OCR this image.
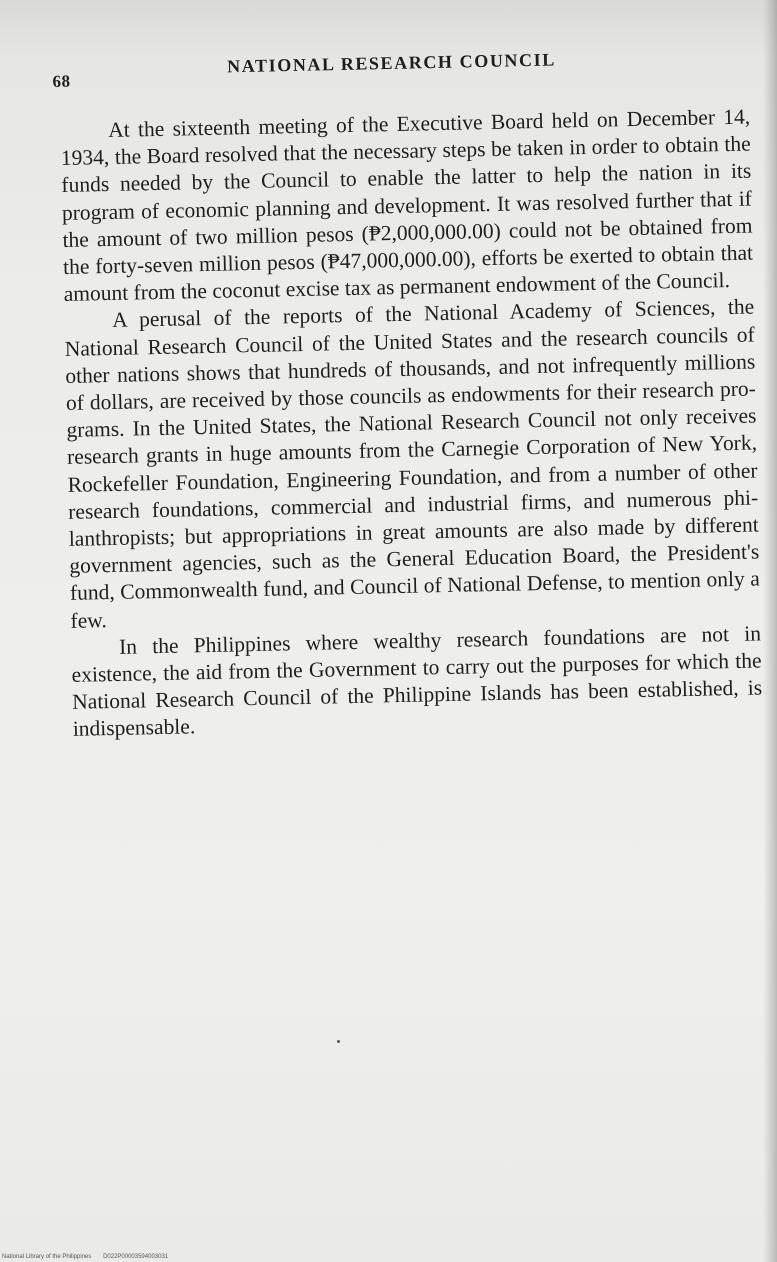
68
NATIONAL RESEARCH COUNCIL

At the sixteenth meeting of the Executive Board held on December 14, 1934, the Board resolved that the necessary steps be taken in order to obtain the funds needed by the Council to enable the latter to help the nation in its program of economic planning and development. It was resolved further that if the amount of two million pesos (₱2,000,000.00) could not be obtained from the forty-seven million pesos (₱47,000,000.00), efforts be exerted to obtain that amount from the coconut excise tax as permanent endowment of the Council.

A perusal of the reports of the National Academy of Sciences, the National Research Council of the United States and the research councils of other nations shows that hundreds of thousands, and not infrequently millions of dollars, are received by those councils as endowments for their research programs. In the United States, the National Research Council not only receives research grants in huge amounts from the Carnegie Corporation of New York, Rockefeller Foundation, Engineering Foundation, and from a number of other research foundations, commercial and industrial firms, and numerous philanthropists; but appropriations in great amounts are also made by different government agencies, such as the General Education Board, the President's fund, Commonwealth fund, and Council of National Defense, to mention only a few.

In the Philippines where wealthy research foundations are not in existence, the aid from the Government to carry out the purposes for which the National Research Council of the Philippine Islands has been established, is indispensable.

National Library of the Philippines D022P00003594003031
